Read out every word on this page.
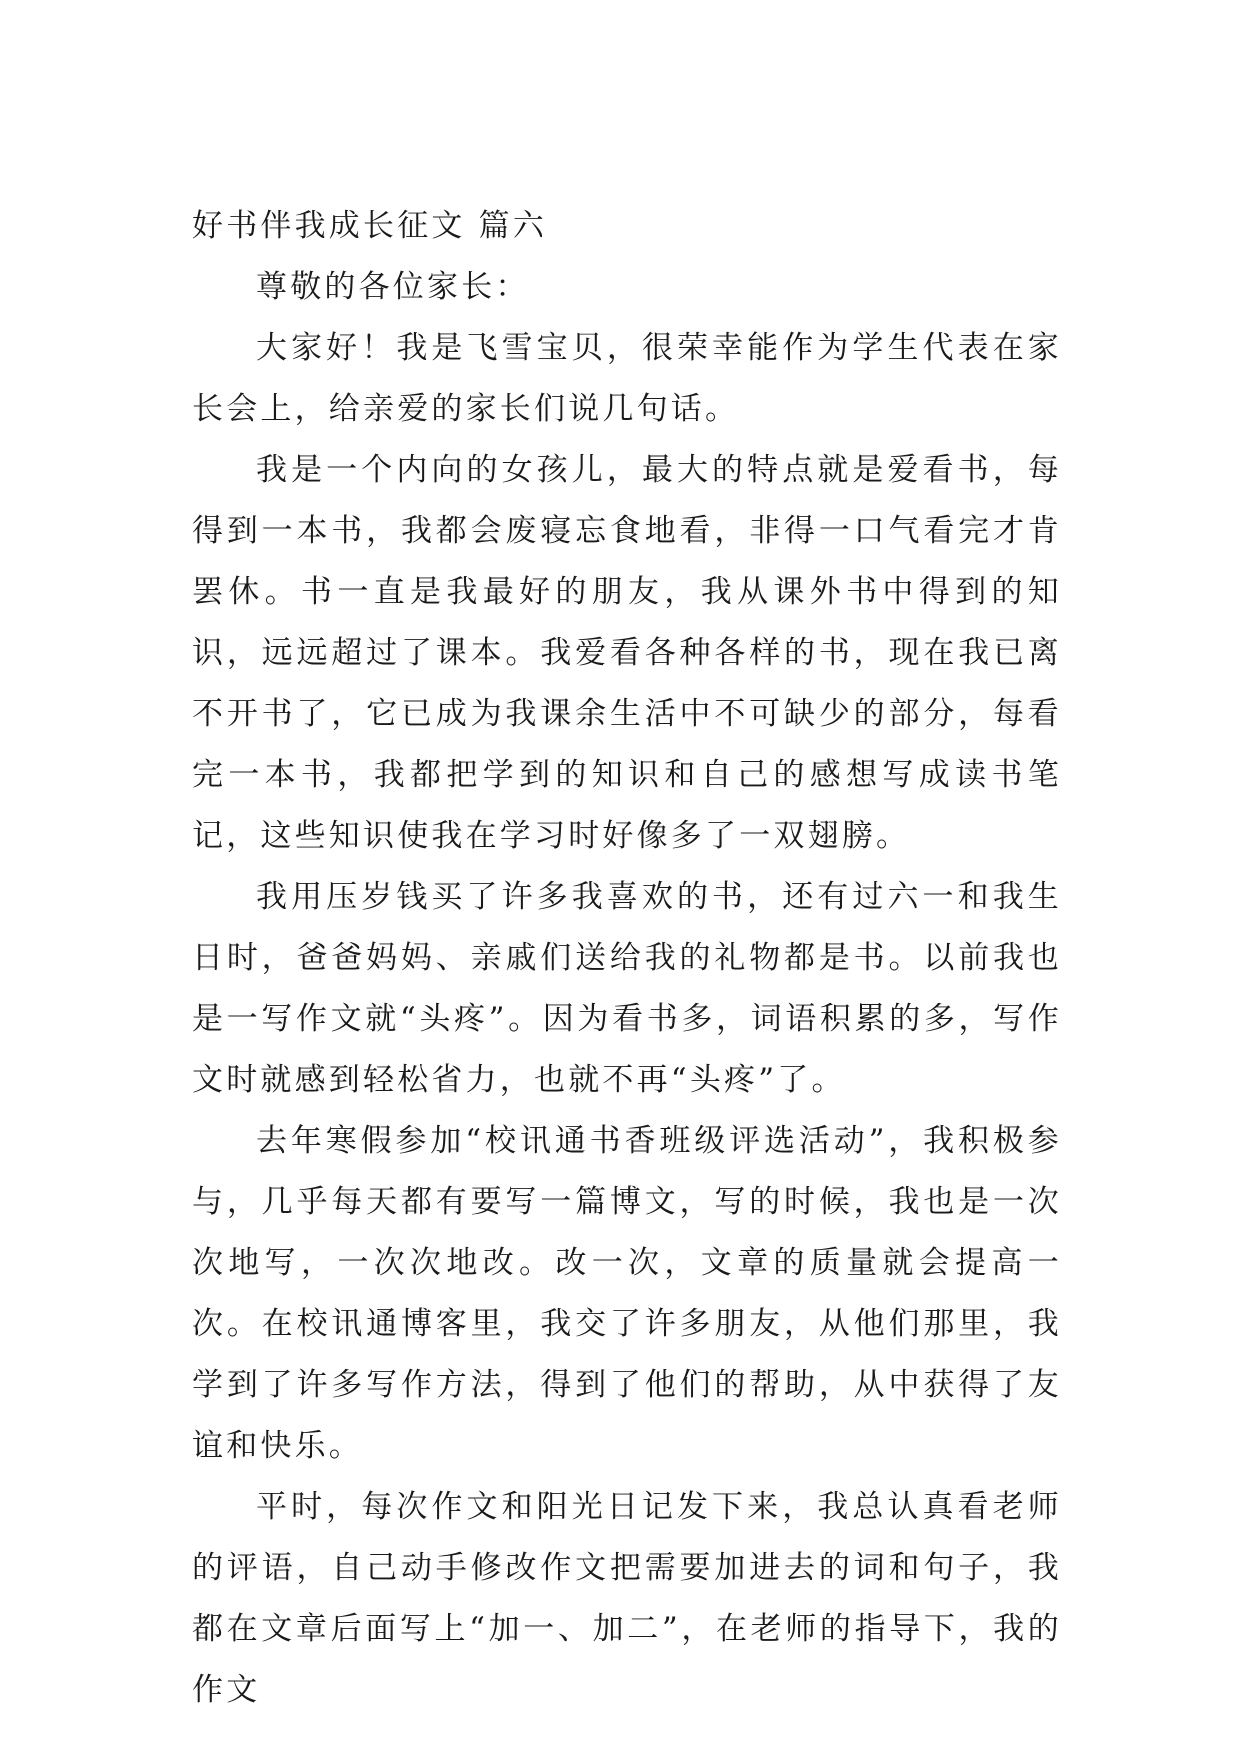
好书伴我成长征文 篇六

尊敬的各位家长：

大家好！我是飞雪宝贝，很荣幸能作为学生代表在家长会上，给亲爱的家长们说几句话。

我是一个内向的女孩儿，最大的特点就是爱看书，每得到一本书，我都会废寝忘食地看，非得一口气看完才肯罢休。书一直是我最好的朋友，我从课外书中得到的知识，远远超过了课本。我爱看各种各样的书，现在我已离不开书了，它已成为我课余生活中不可缺少的部分，每看完一本书，我都把学到的知识和自己的感想写成读书笔记，这些知识使我在学习时好像多了一双翅膀。

我用压岁钱买了许多我喜欢的书，还有过六一和我生日时，爸爸妈妈、亲戚们送给我的礼物都是书。以前我也是一写作文就“头疼”。因为看书多，词语积累的多，写作文时就感到轻松省力，也就不再“头疼”了。

去年寒假参加“校讯通书香班级评选活动”，我积极参与，几乎每天都有要写一篇博文，写的时候，我也是一次次地写，一次次地改。改一次，文章的质量就会提高一次。在校讯通博客里，我交了许多朋友，从他们那里，我学到了许多写作方法，得到了他们的帮助，从中获得了友谊和快乐。

平时，每次作文和阳光日记发下来，我总认真看老师的评语，自己动手修改作文把需要加进去的词和句子，我都在文章后面写上“加一、加二”，在老师的指导下，我的作文
